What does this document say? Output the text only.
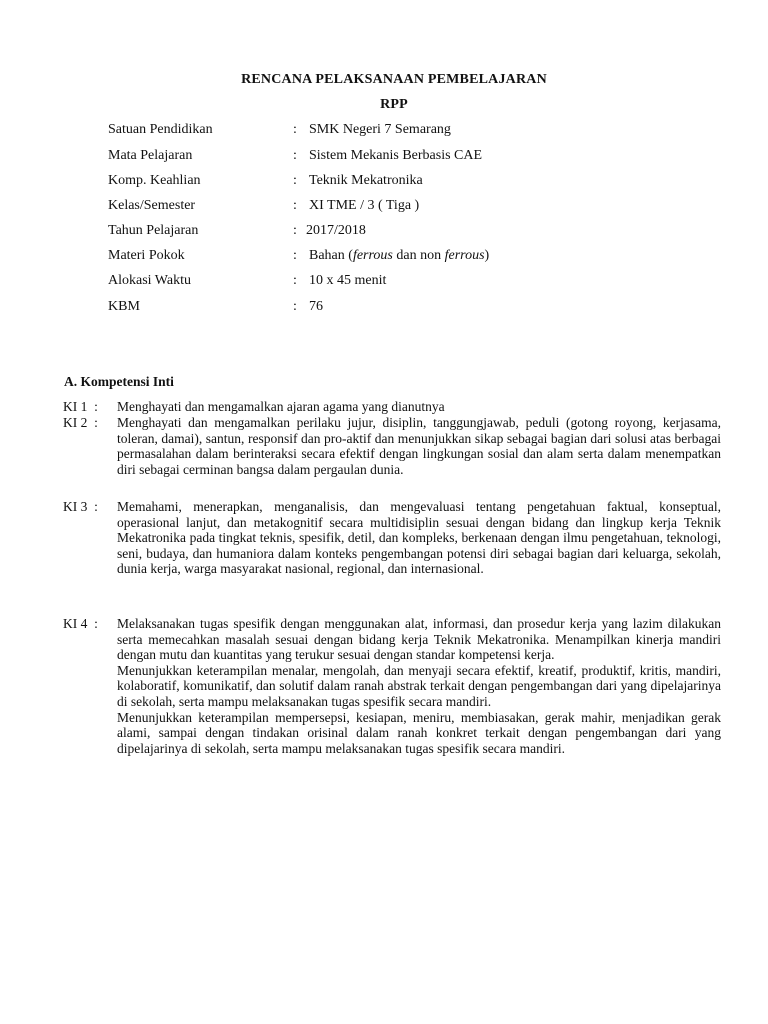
RENCANA PELAKSANAAN PEMBELAJARAN
RPP
Satuan Pendidikan	: SMK Negeri 7 Semarang
Mata Pelajaran	: Sistem Mekanis Berbasis CAE
Komp. Keahlian	: Teknik Mekatronika
Kelas/Semester	: XI TME / 3 ( Tiga )
Tahun Pelajaran	: 2017/2018
Materi Pokok	: Bahan (ferrous dan non ferrous)
Alokasi Waktu	: 10 x 45 menit
KBM	: 76
A. Kompetensi Inti
KI 1  : Menghayati dan mengamalkan ajaran agama yang dianutnya

KI 2  : Menghayati dan mengamalkan perilaku jujur, disiplin, tanggungjawab, peduli (gotong royong, kerjasama, toleran, damai), santun, responsif dan pro-aktif dan menunjukkan sikap sebagai bagian dari solusi atas berbagai permasalahan dalam berinteraksi secara efektif dengan lingkungan sosial dan alam serta dalam menempatkan diri sebagai cerminan bangsa dalam pergaulan dunia.

KI 3  : Memahami, menerapkan, menganalisis, dan mengevaluasi tentang pengetahuan faktual, konseptual, operasional lanjut, dan metakognitif secara multidisiplin sesuai dengan bidang dan lingkup kerja Teknik Mekatronika pada tingkat teknis, spesifik, detil, dan kompleks, berkenaan dengan ilmu pengetahuan, teknologi, seni, budaya, dan humaniora dalam konteks pengembangan potensi diri sebagai bagian dari keluarga, sekolah, dunia kerja, warga masyarakat nasional, regional, dan internasional.

KI 4  : Melaksanakan tugas spesifik dengan menggunakan alat, informasi, dan prosedur kerja yang lazim dilakukan serta memecahkan masalah sesuai dengan bidang kerja Teknik Mekatronika. Menampilkan kinerja mandiri dengan mutu dan kuantitas yang terukur sesuai dengan standar kompetensi kerja.

Menunjukkan keterampilan menalar, mengolah, dan menyaji secara efektif, kreatif, produktif, kritis, mandiri, kolaboratif, komunikatif, dan solutif dalam ranah abstrak terkait dengan pengembangan dari yang dipelajarinya di sekolah, serta mampu melaksanakan tugas spesifik secara mandiri.

Menunjukkan keterampilan mempersepsi, kesiapan, meniru, membiasakan, gerak mahir, menjadikan gerak alami, sampai dengan tindakan orisinal dalam ranah konkret terkait dengan pengembangan dari yang dipelajarinya di sekolah, serta mampu melaksanakan tugas spesifik secara mandiri.
